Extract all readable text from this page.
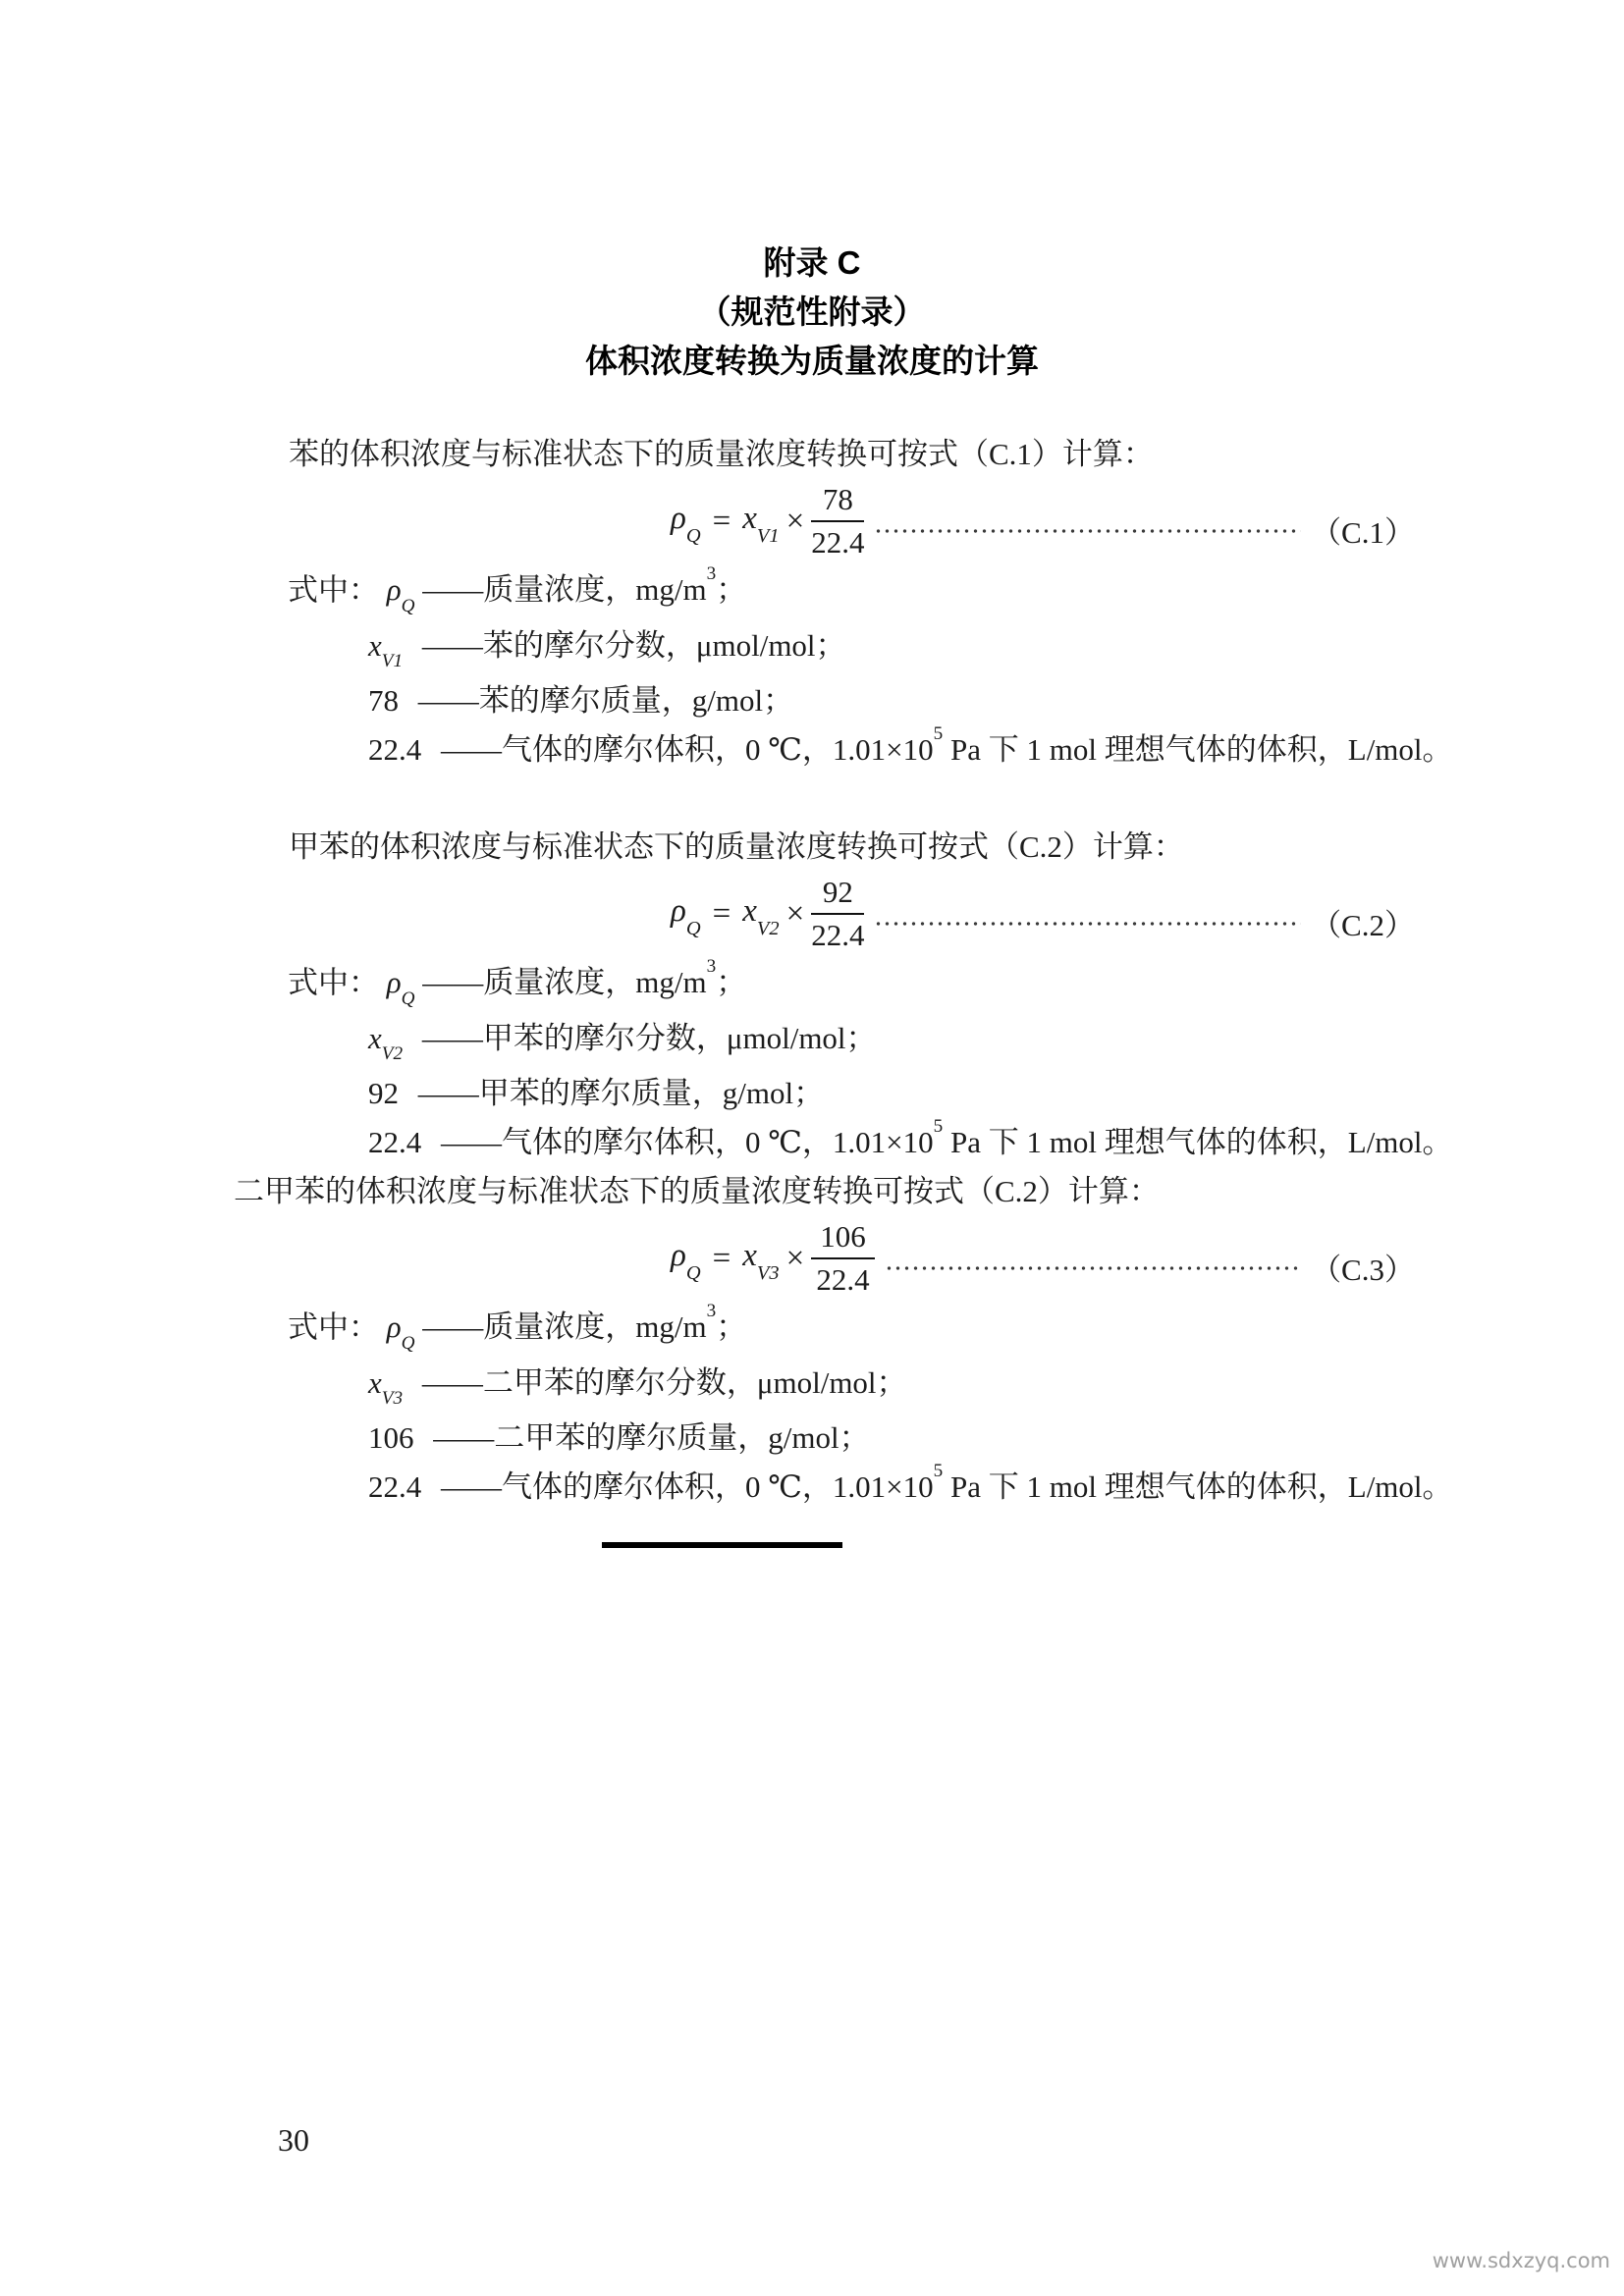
附录 C
（规范性附录）
体积浓度转换为质量浓度的计算

苯的体积浓度与标准状态下的质量浓度转换可按式（C.1）计算：

$\rho_Q = x_{V1} \times \frac{78}{22.4}$	（C.1）
式中： $\rho_Q$ ——质量浓度，$mg/m^3$；
$x_{V1}$ ——苯的摩尔分数，μmol/mol；
78 ——苯的摩尔质量，g/mol；
22.4 ——气体的摩尔体积，0 ℃，$1.01\times 10^5$ Pa 下 1 mol 理想气体的体积，L/mol。

甲苯的体积浓度与标准状态下的质量浓度转换可按式（C.2）计算：

$\rho_Q = x_{V2} \times \frac{92}{22.4}$	（C.2）
式中： $\rho_Q$ ——质量浓度，$mg/m^3$；
$x_{V2}$ ——甲苯的摩尔分数，μmol/mol；
92 ——甲苯的摩尔质量，g/mol；
22.4 ——气体的摩尔体积，0 ℃，$1.01\times 10^5$ Pa 下 1 mol 理想气体的体积，L/mol。

二甲苯的体积浓度与标准状态下的质量浓度转换可按式（C.2）计算：

$\rho_Q = x_{V3} \times \frac{106}{22.4}$	（C.3）
式中： $\rho_Q$ ——质量浓度，$mg/m^3$；
$x_{V3}$ ——二甲苯的摩尔分数，μmol/mol；
106 ——二甲苯的摩尔质量，g/mol；
22.4 ——气体的摩尔体积，0 ℃，$1.01\times 10^5$ Pa 下 1 mol 理想气体的体积，L/mol。
30
www.sdxzyq.com
